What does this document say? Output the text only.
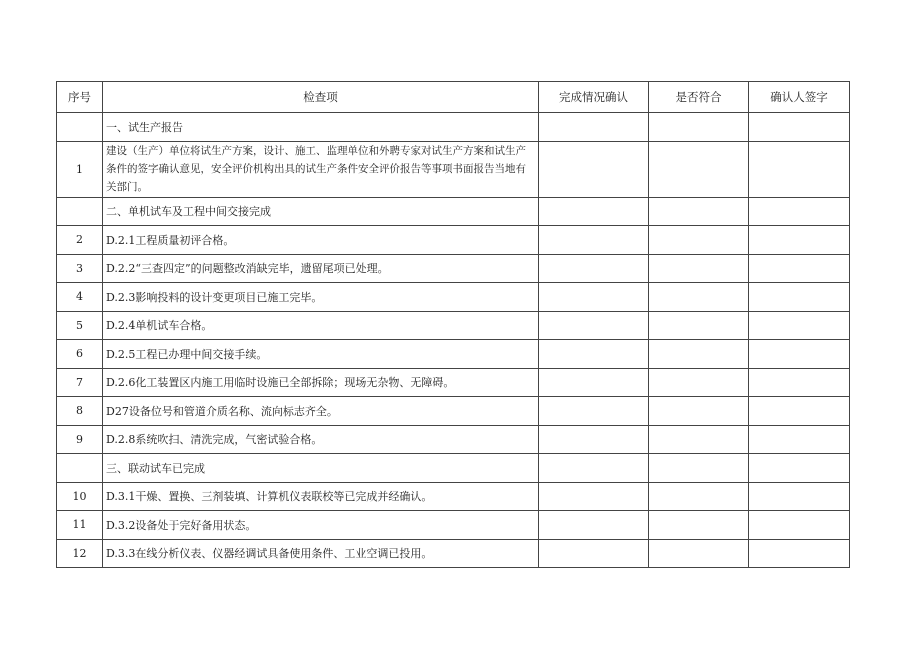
序号	检查项	完成情况确认	是否符合	确认人签字
	一、试生产报告			
1	建设（生产）单位将试生产方案，设计、施工、监理单位和外聘专家对试生产方案和试生产条件的签字确认意见，安全评价机构出具的试生产条件安全评价报告等事项书面报告当地有关部门。			
	二、单机试车及工程中间交接完成			
2	D.2.1工程质量初评合格。			
3	D.2.2“三查四定”的问题整改消缺完毕，遗留尾项已处理。			
4	D.2.3影响投料的设计变更项目已施工完毕。			
5	D.2.4单机试车合格。			
6	D.2.5工程已办理中间交接手续。			
7	D.2.6化工装置区内施工用临时设施已全部拆除；现场无杂物、无障碍。			
8	D27设备位号和管道介质名称、流向标志齐全。			
9	D.2.8系统吹扫、清洗完成，气密试验合格。			
	三、联动试车已完成			
10	D.3.1干燥、置换、三剂装填、计算机仪表联校等已完成并经确认。			
11	D.3.2设备处于完好备用状态。			
12	D.3.3在线分析仪表、仪器经调试具备使用条件、工业空调已投用。			
